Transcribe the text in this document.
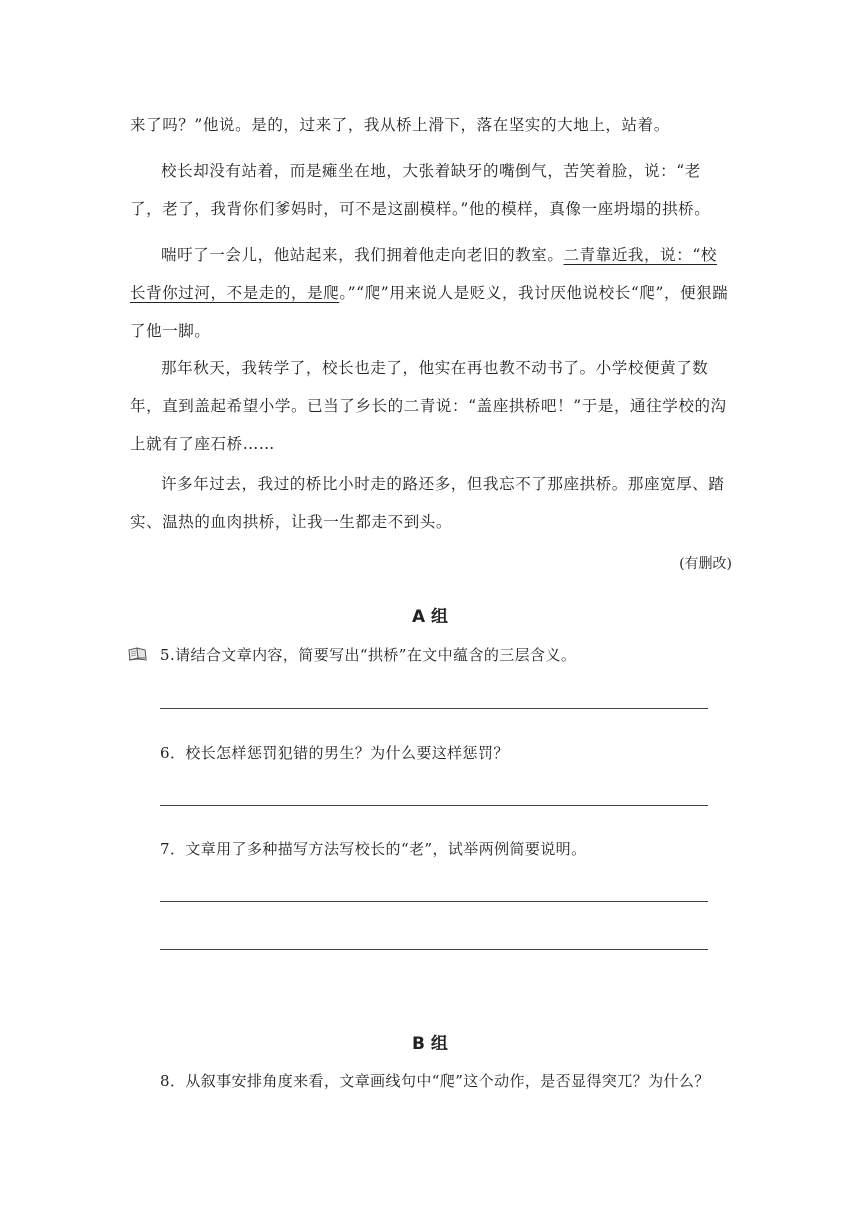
来了吗？”他说。是的，过来了，我从桥上滑下，落在坚实的大地上，站着。

校长却没有站着，而是瘫坐在地，大张着缺牙的嘴倒气，苦笑着脸，说：“老了，老了，我背你们爹妈时，可不是这副模样。”他的模样，真像一座坍塌的拱桥。

喘吁了一会儿，他站起来，我们拥着他走向老旧的教室。二青靠近我，说：“校长背你过河，不是走的，是爬。”“爬”用来说人是贬义，我讨厌他说校长“爬”，便狠踹了他一脚。

那年秋天，我转学了，校长也走了，他实在再也教不动书了。小学校便黄了数年，直到盖起希望小学。已当了乡长的二青说：“盖座拱桥吧！”于是，通往学校的沟上就有了座石桥……

许多年过去，我过的桥比小时走的路还多，但我忘不了那座拱桥。那座宽厚、踏实、温热的血肉拱桥，让我一生都走不到头。

(有删改)
A 组
5.请结合文章内容，简要写出“拱桥”在文中蕴含的三层含义。
6．校长怎样惩罚犯错的男生？为什么要这样惩罚？
7．文章用了多种描写方法写校长的“老”，试举两例简要说明。
B 组
8．从叙事安排角度来看，文章画线句中“爬”这个动作，是否显得突兀？为什么？
